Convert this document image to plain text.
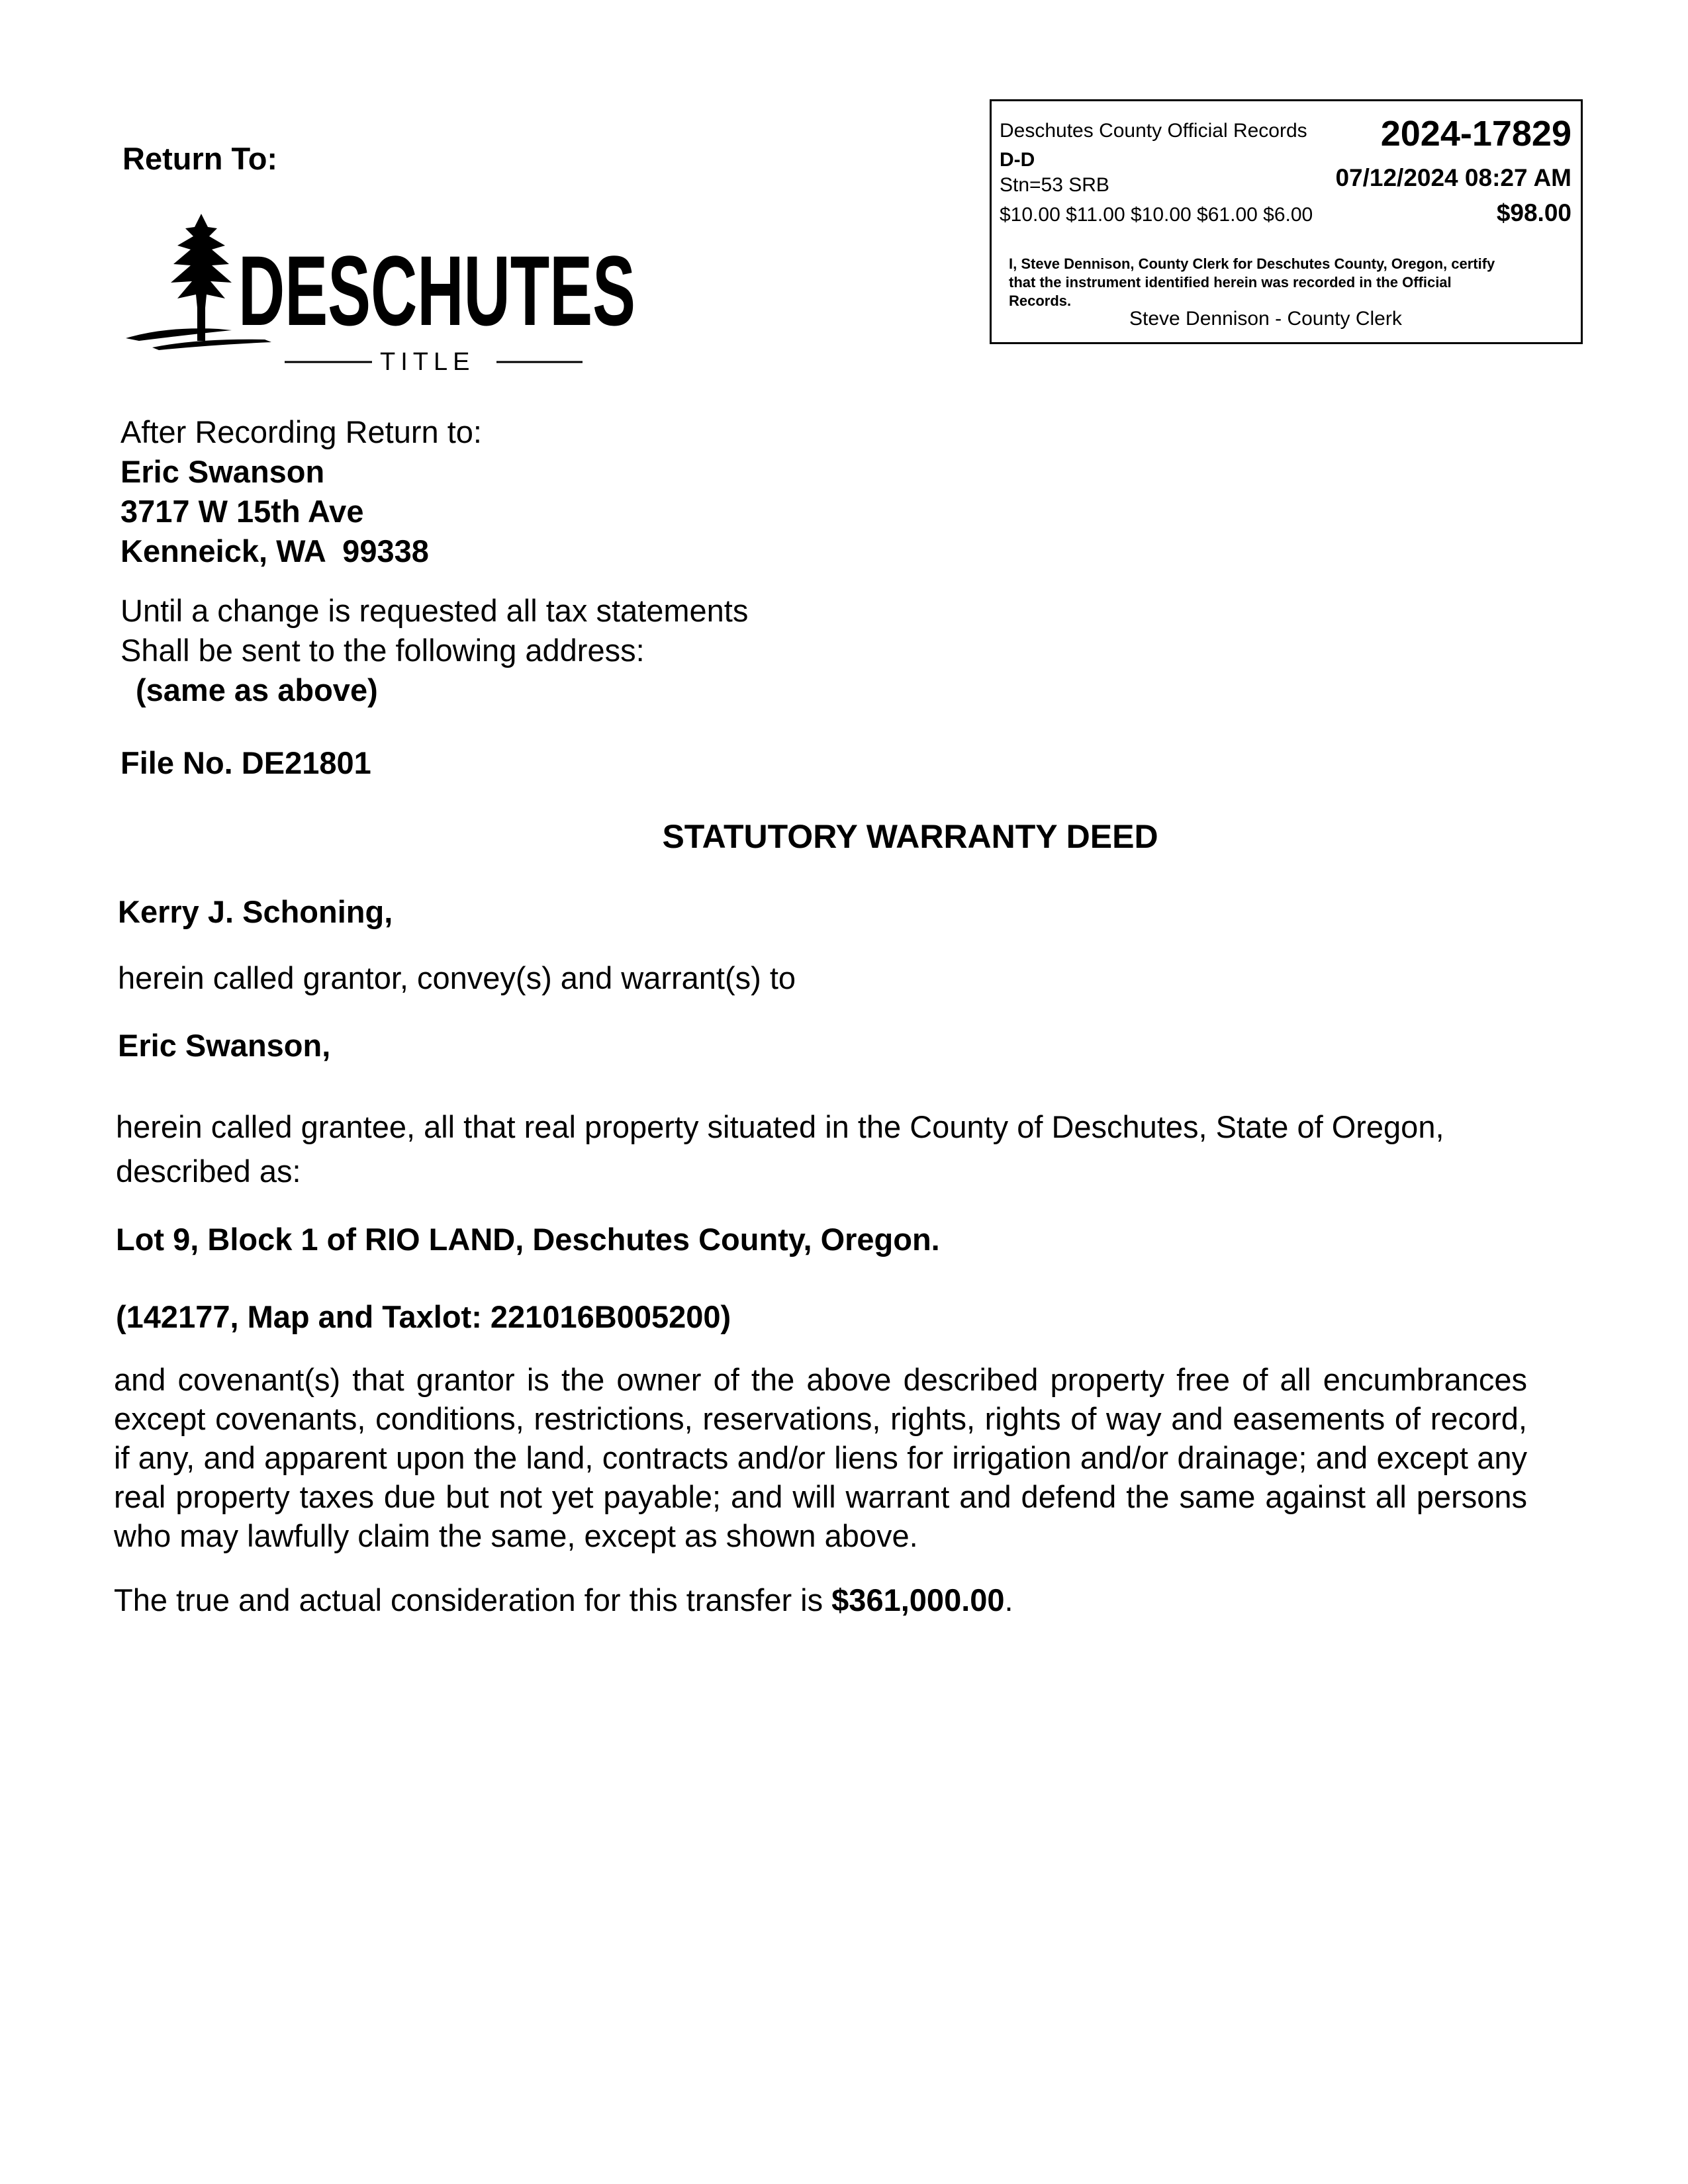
Deschutes County Official Records 2024-17829
D-D
Stn=53 SRB	07/12/2024 08:27 AM
$10.00 $11.00 $10.00 $61.00 $6.00	$98.00
I, Steve Dennison, County Clerk for Deschutes County, Oregon, certify that the instrument identified herein was recorded in the Official Records.
Steve Dennison - County Clerk
Return To:
DESCHUTES
TITLE
After Recording Return to:
Eric Swanson
3717 W 15th Ave
Kenneick, WA  99338
Until a change is requested all tax statements
Shall be sent to the following address:
(same as above)
File No. DE21801
STATUTORY WARRANTY DEED
Kerry J. Schoning,
herein called grantor, convey(s) and warrant(s) to
Eric Swanson,
herein called grantee, all that real property situated in the County of Deschutes, State of Oregon,
described as:
Lot 9, Block 1 of RIO LAND, Deschutes County, Oregon.
(142177, Map and Taxlot: 221016B005200)
and covenant(s) that grantor is the owner of the above described property free of all encumbrances except covenants, conditions, restrictions, reservations, rights, rights of way and easements of record, if any, and apparent upon the land, contracts and/or liens for irrigation and/or drainage; and except any real property taxes due but not yet payable; and will warrant and defend the same against all persons who may lawfully claim the same, except as shown above.
The true and actual consideration for this transfer is $361,000.00.
